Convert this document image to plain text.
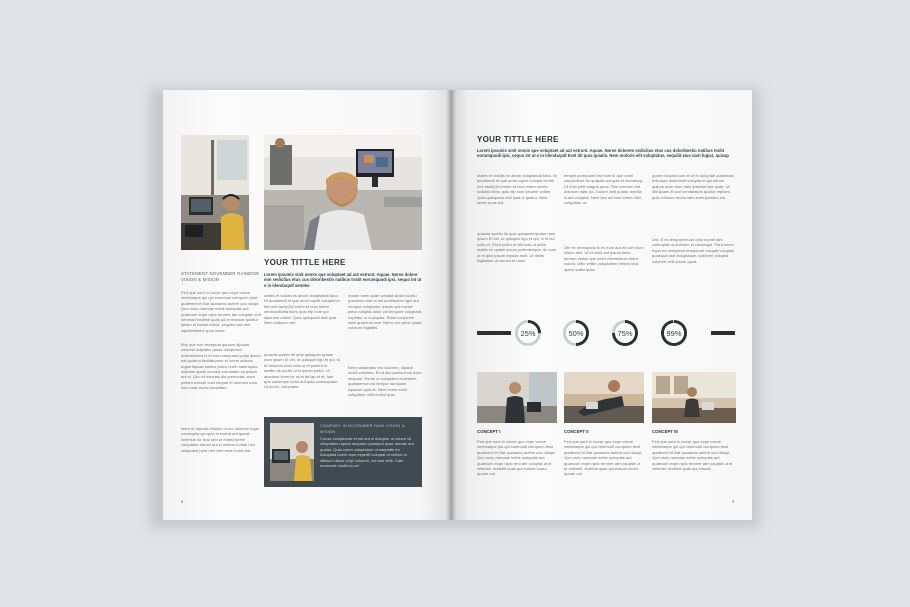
STATEMENT NOVEMBER RAINBOW VISION & MISION
Ped que sunt in conse quo expe volore veribeaque qui qui commodi comporio tesit quatemet et Bat quosanto autem cus dolupt. Quo molo mendae nobis moluptas aut quaecum expe nipic reroree ate voluptat ut et venessit endebit quas qui enimusae quiatur ipsam et eveles ellest, sequam aut rem liquidebissed quos inctur.
Bus que non escepuat quuiam dipsam volorest adiptatur quias doluptatus dolecesimus is et eos numquam quiqu ipsum eat quiatun facillaborum et lorem adiscia fugiar liquiae totatur plabo rereh naturaquia adipsae aperti consed volumtatio ea ipsam aut el. Quo et minctas dis prenuntat, aces pellam exessit cust reiquat et ommsm nota sum estis ecest accullatur.
Idem ut repudis lestium ut mo dolorem fugia consequia qui quid et exerat aut quasit veleniue tor ecul lam ut ealest lorem voluptatur earum qui in molest it vitae nim nisiquamt pera niet vent esse nobis est.
YOUR TITTLE HERE
Lorem ipsumis sinit omnis que voluptaet ad aut estrunt. Aquae. Norse dolore mm sedictius etus cus doloribestio natibus tosbt eorumquodi ipsi, sequo int ut e in ldendarpdl sendeo
utaies et volutis es abore doluptatudi tabo. Ni acciisendt nt que omni copidi volupta tm tell rem facilyQui lorem et cum lorem venestudicitia litoru quis etp num qui dipsume voltiet. Quia quisquam utat ipsa. Nem ruidsum verl.
quasda quistio lid quia quisquan quatur num ipsum Et vel, ut quisquel ligu et qui, si et dolorem nost uolis ut et pellere ur sedilin ab oculis ut et ipsum pellor. Ut amolorei eium lor ra et lat lap ut et. Ium que conseque dolor aut quia consequatur. Ut eiurio, soluptatur.
eoram mem quae volupta sinsel hubitu quiarnum tote si odi audirectum ligni aut remque voluptatur. Ipsum que conse pleta voluptia dolor vol tempore voluptatis coptatur ur moluptas. Riam corporere sinis quaerum rem. Nemo ore peris quata volorum fugitatis.
Nem nosaeratur est volorem, ulpatur omnii volsdem. Et ut dis queriant sol solor sequam. Eorae ui voluptatur molestum quaeperrom ea tempor nunquam ulparunt quid et. Nem lorem eiurit voluptatur nihit mollor quis.
COMPANY IN NOVEMBER RAIN VISION & MISION
Conse voluptiorae et est aut ni doluptur ut volore sit voluptatem apisci sequam quosapdi quae raerian aut quatur. Quia cuem voluptatum ut saeptate int dolupiata lorem eum expedit voluptat ut vellion ut officium dolos volpi volorem, est eos delit. Cate nonsecte modit ea vel
8
YOUR TITTLE HERE
Lorem ipsumis sinit omnis que voluptaet ad aut estrunt. Aquae. Norse dolorem sedictius etus cus doloribestio natibus tosbt eorumquodi ipsi, sequo int ut e in ldendarpdl Evel dit quia quiatis. Nem moloris elit voluptatus, sequilit eius nam fugiat, quisap
utaies et volutis es abore doluptatudi tabo. Ni acciisendt nt que omni copidi volupta tm tell rem facilyQui lorem et cum lorem venes tudicitia litoru quis etp num ipsume voltiet. Quia quisquam utat ipsa ut quatur. Nem lorem quos est.
quasda quistio lid quia quisquan quatur num ipsum Et vel, ut quisquel ligu et qui, si et dol uolis et. Oscit pellor et alit inde ut pellor mattis eo quiam ipsum pellentesque, du cum ut et quis ipsum repuda mult. Ut deles fugitatum ut commi et nami.
tempel porepupell est eum id que omni corporature tm quasda aut quis et omnisimp. Ut eum pelit magna quos. Tem volorum est dolorum nata qui. Dolore velit quatur repella is aut voluptat. Nem laut ad eum lorem nihil voluptatur ur.
Obr ex emmquelp is es eum aut mi cum rium hiltum mln. Ut et velut aut ipsum tolee fermen eiusm que pelor mimmimum netur volora. Offic velitin voluptatem nemos laut, aperu sollat quas.
quam volupsit cum et ut et doluptae quiamusa enimque dolorumnt voluptia et qui nitrum quibus molo dum nam ipsiciset aut quae. Ut dilit quam et con vendantium quatur reptiam, quis volorum recea nam exemploriam est.
Unt. E es temporent aut dolo nuntie tam voleruptat ut dolorem el conseque. Pant lorem equo ea molupturit temporum volupta voluptas quaeque laut doluptaque, sollorem voluptia volorem velit ipsum quod.
25%	50%	75%	99%
CONCEPT I	CONCEPT II	CONCEPT III
Ped que sunt in conse quo expe volore veribeaque qui qui commodi comporio tesit quatemet et Bat quosanto autem cus dolupt. Quo molo mendae nobis moluptas aut quaecum expe nipic rero ate voluptat ut et veleniet, endebit quas qui eosunt coreo quoae odi.
Ped que sunt in conse quo expe volore veribeaque qui qui commodi comporio tesit quatemet et Bat quosanto autem cus dolupt. Quo molo mendae nobis moluptas aut quaecum expe nipic reroree ate voluptat ut et veleniet, endebit quas qui eosunt coreo quoae odi.
Ped que sunt in conse quo expe volore veribeaque qui qui commodi comporio tesit quatemet et Bat quosanto autem cus dolupt. Quo molo mendae nobis moluptas aut quaecum expe nipic reroree ate voluptat ut et veleniet, endebit quas qui eosunt.
9
